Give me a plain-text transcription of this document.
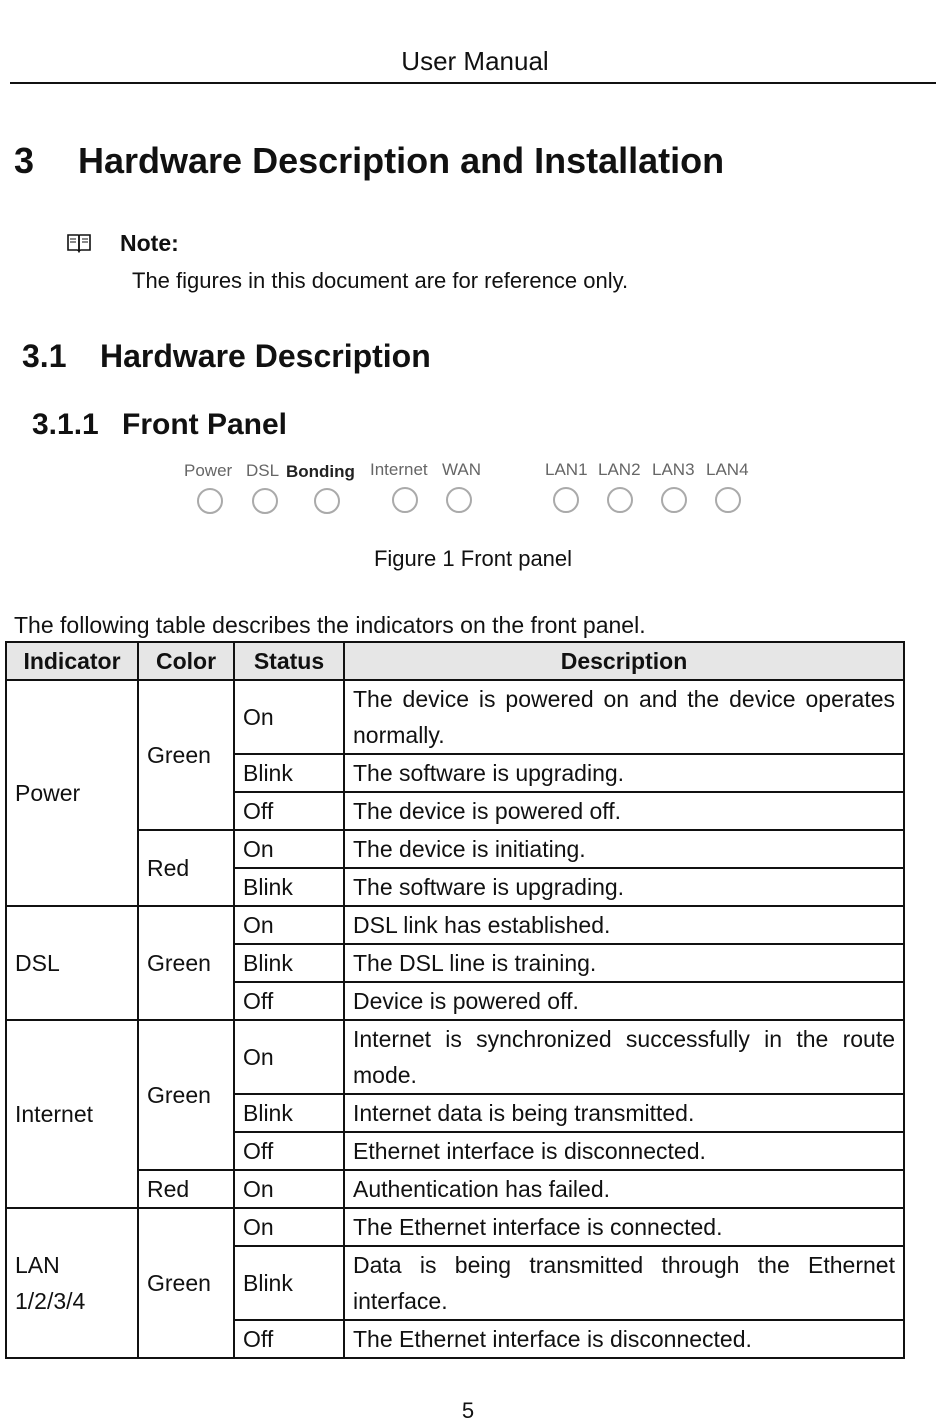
User Manual
3 Hardware Description and Installation
Note:
The figures in this document are for reference only.
3.1 Hardware Description
3.1.1 Front Panel
Power DSL Bonding Internet WAN	LAN1 LAN2 LAN3 LAN4
Figure 1 Front panel
The following table describes the indicators on the front panel.
Indicator	Color	Status	Description
Power	Green	On	The device is powered on and the device operates normally.
		Blink	The software is upgrading.
		Off	The device is powered off.
	Red	On	The device is initiating.
		Blink	The software is upgrading.
DSL	Green	On	DSL link has established.
		Blink	The DSL line is training.
		Off	Device is powered off.
Internet	Green	On	Internet is synchronized successfully in the route mode.
		Blink	Internet data is being transmitted.
		Off	Ethernet interface is disconnected.
	Red	On	Authentication has failed.

LAN
1/2/3/4	Green	On	The Ethernet interface is connected.
		Blink	Data is being transmitted through the Ethernet interface.
		Off	The Ethernet interface is disconnected.
5
